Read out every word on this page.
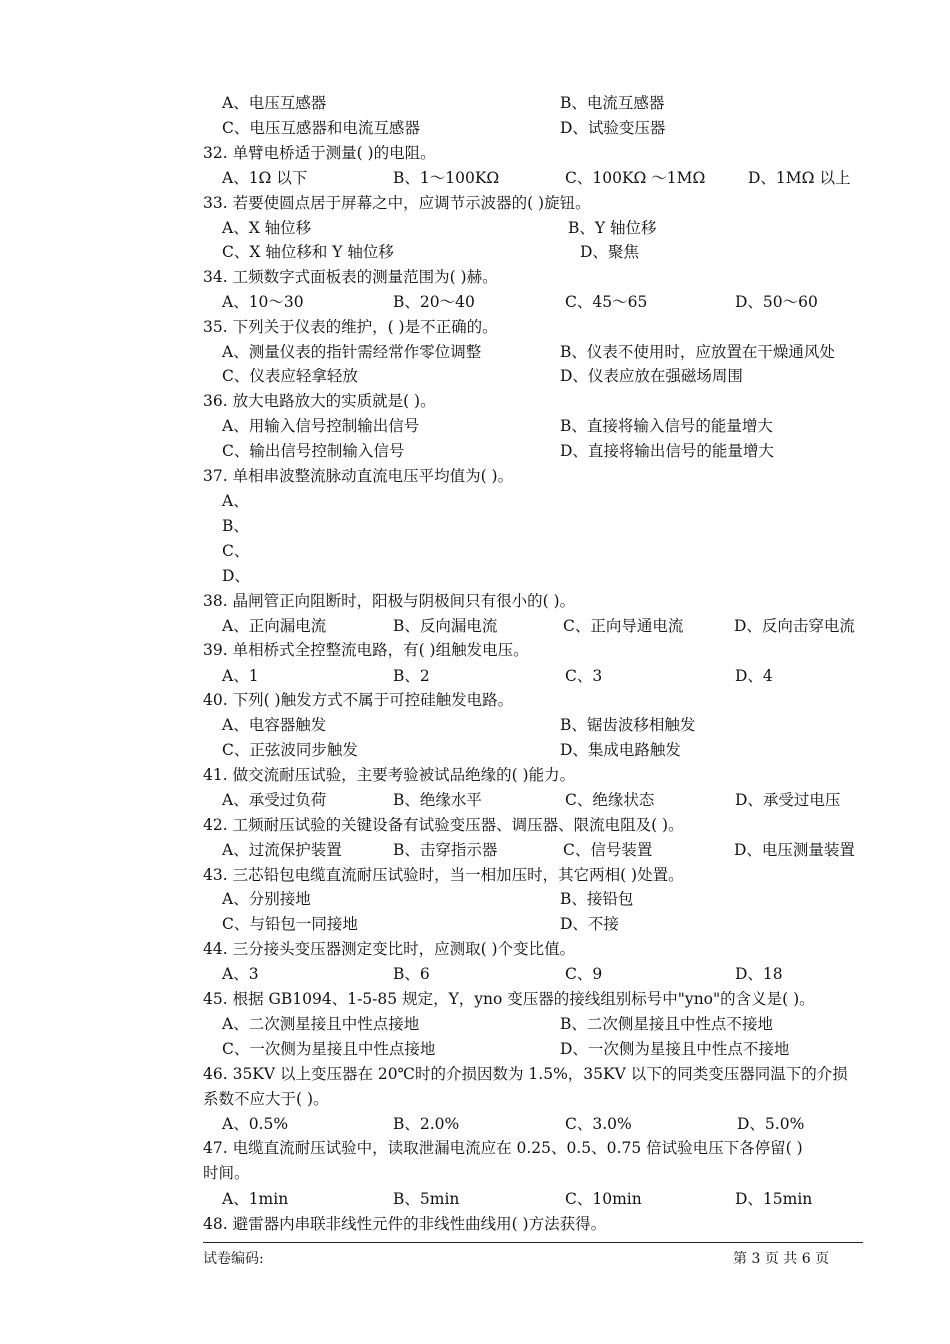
A、电压互感器	B、电流互感器
C、电压互感器和电流互感器	D、试验变压器
32. 单臂电桥适于测量( )的电阻。
A、1Ω 以下	B、1～100KΩ	C、100KΩ ～1MΩ	D、1MΩ 以上
33. 若要使圆点居于屏幕之中，应调节示波器的( )旋钮。
A、X 轴位移	B、Y 轴位移
C、X 轴位移和 Y 轴位移	D、聚焦
34. 工频数字式面板表的测量范围为( )赫。
A、10～30	B、20～40	C、45～65	D、50～60
35. 下列关于仪表的维护，( )是不正确的。
A、测量仪表的指针需经常作零位调整	B、仪表不使用时，应放置在干燥通风处
C、仪表应轻拿轻放	D、仪表应放在强磁场周围
36. 放大电路放大的实质就是( )。
A、用输入信号控制输出信号	B、直接将输入信号的能量增大
C、输出信号控制输入信号	D、直接将输出信号的能量增大
37. 单相串波整流脉动直流电压平均值为( )。
A、
B、
C、
D、
38. 晶闸管正向阻断时，阳极与阴极间只有很小的( )。
A、正向漏电流	B、反向漏电流	C、正向导通电流	D、反向击穿电流
39. 单相桥式全控整流电路，有( )组触发电压。
A、1	B、2	C、3	D、4
40. 下列( )触发方式不属于可控硅触发电路。
A、电容器触发	B、锯齿波移相触发
C、正弦波同步触发	D、集成电路触发
41. 做交流耐压试验，主要考验被试品绝缘的( )能力。
A、承受过负荷	B、绝缘水平	C、绝缘状态	D、承受过电压
42. 工频耐压试验的关键设备有试验变压器、调压器、限流电阻及( )。
A、过流保护装置	B、击穿指示器	C、信号装置	D、电压测量装置
43. 三芯铅包电缆直流耐压试验时，当一相加压时，其它两相( )处置。
A、分别接地	B、接铅包
C、与铅包一同接地	D、不接
44. 三分接头变压器测定变比时，应测取( )个变比值。
A、3	B、6	C、9	D、18
45. 根据 GB1094、1-5-85 规定，Y，yno 变压器的接线组别标号中"yno"的含义是( )。
A、二次测星接且中性点接地	B、二次侧星接且中性点不接地
C、一次侧为星接且中性点接地	D、一次侧为星接且中性点不接地
46. 35KV 以上变压器在 20℃时的介损因数为 1.5%，35KV 以下的同类变压器同温下的介损
系数不应大于( )。
A、0.5%	B、2.0%	C、3.0%	D、5.0%
47. 电缆直流耐压试验中，读取泄漏电流应在 0.25、0.5、0.75 倍试验电压下各停留( )
时间。
A、1min	B、5min	C、10min	D、15min
48. 避雷器内串联非线性元件的非线性曲线用( )方法获得。
试卷编码:	第 3 页 共 6 页
